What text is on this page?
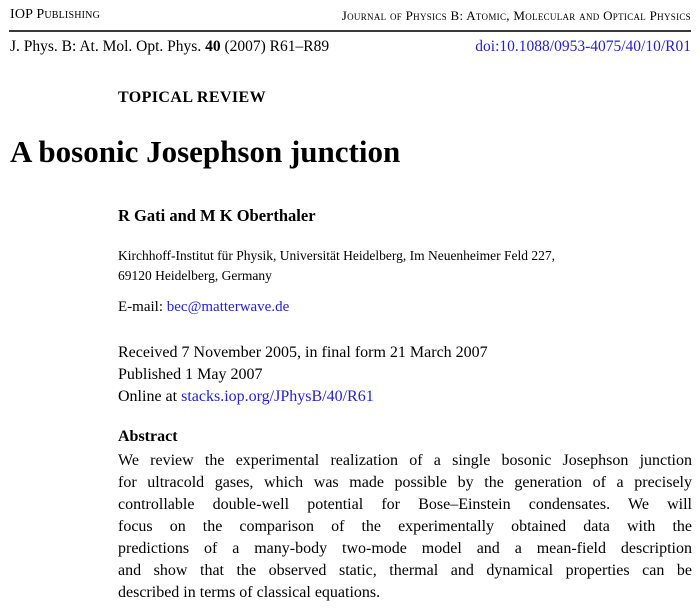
IOP Publishing	Journal of Physics B: Atomic, Molecular and Optical Physics
J. Phys. B: At. Mol. Opt. Phys. 40 (2007) R61–R89	doi:10.1088/0953-4075/40/10/R01
TOPICAL REVIEW
A bosonic Josephson junction
R Gati and M K Oberthaler
Kirchhoff-Institut für Physik, Universität Heidelberg, Im Neuenheimer Feld 227,
69120 Heidelberg, Germany
E-mail: bec@matterwave.de
Received 7 November 2005, in final form 21 March 2007
Published 1 May 2007
Online at stacks.iop.org/JPhysB/40/R61
Abstract
We review the experimental realization of a single bosonic Josephson junction
for ultracold gases, which was made possible by the generation of a precisely
controllable double-well potential for Bose–Einstein condensates. We will
focus on the comparison of the experimentally obtained data with the
predictions of a many-body two-mode model and a mean-field description
and show that the observed static, thermal and dynamical properties can be
described in terms of classical equations.
